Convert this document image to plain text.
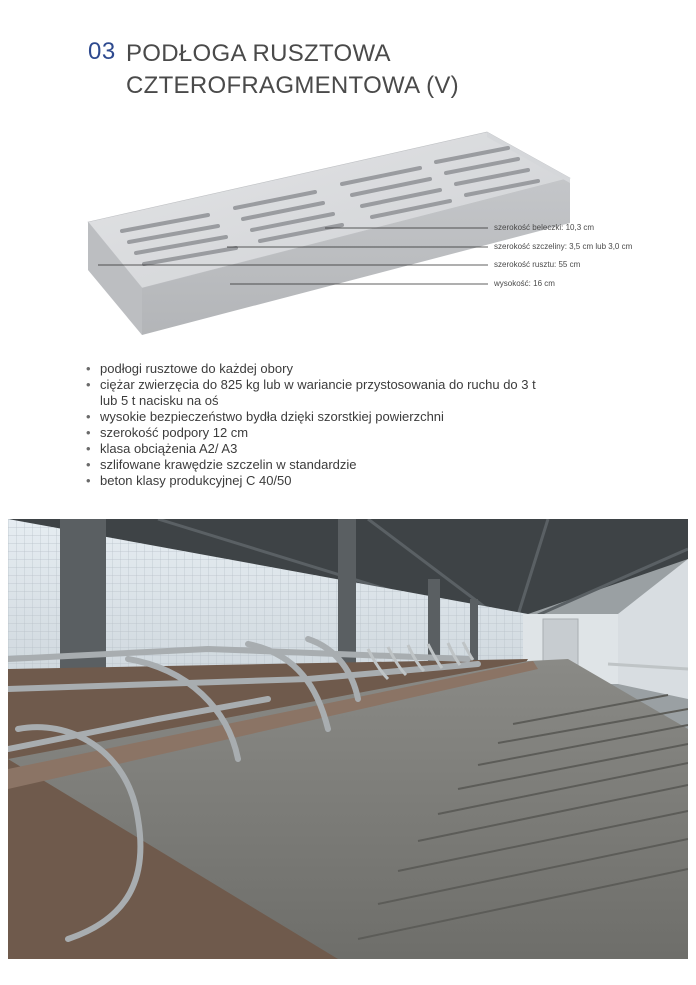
03 PODŁOGA RUSZTOWA
CZTEROFRAGMENTOWA (V)
szerokość beleczki: 10,3 cm
szerokość szczeliny: 3,5 cm lub 3,0 cm
szerokość rusztu: 55 cm
wysokość: 16 cm
• podłogi rusztowe do każdej obory
• ciężar zwierzęcia do 825 kg lub w wariancie przystosowania do ruchu do 3 t
lub 5 t nacisku na oś
• wysokie bezpieczeństwo bydła dzięki szorstkiej powierzchni
• szerokość podpory 12 cm
• klasa obciążenia A2/ A3
• szlifowane krawędzie szczelin w standardzie
• beton klasy produkcyjnej C 40/50
